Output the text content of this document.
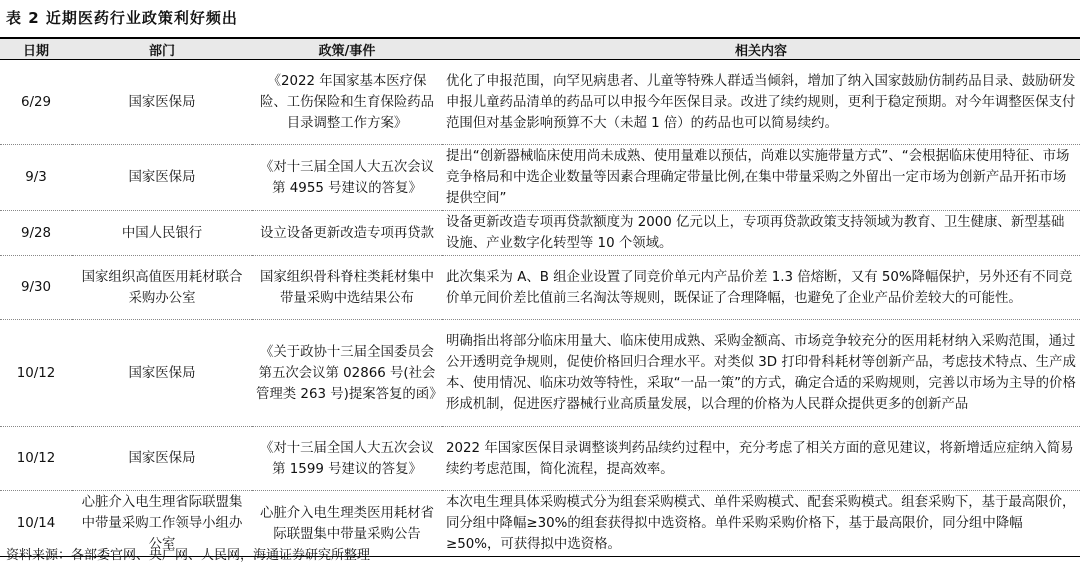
表 2 近期医药行业政策利好频出
日期	部门	政策/事件	相关内容
6/29	国家医保局	《2022 年国家基本医疗保险、工伤保险和生育保险药品目录调整工作方案》	优化了申报范围，向罕见病患者、儿童等特殊人群适当倾斜，增加了纳入国家鼓励仿制药品目录、鼓励研发申报儿童药品清单的药品可以申报今年医保目录。改进了续约规则，更利于稳定预期。对今年调整医保支付范围但对基金影响预算不大（未超 1 倍）的药品也可以简易续约。
9/3	国家医保局	《对十三届全国人大五次会议第 4955 号建议的答复》	提出“创新器械临床使用尚未成熟、使用量难以预估，尚难以实施带量方式”、“会根据临床使用特征、市场竞争格局和中选企业数量等因素合理确定带量比例,在集中带量采购之外留出一定市场为创新产品开拓市场提供空间”
9/28	中国人民银行	设立设备更新改造专项再贷款	设备更新改造专项再贷款额度为 2000 亿元以上，专项再贷款政策支持领域为教育、卫生健康、新型基础设施、产业数字化转型等 10 个领域。
9/30	国家组织高值医用耗材联合采购办公室	国家组织骨科脊柱类耗材集中带量采购中选结果公布	此次集采为 A、B 组企业设置了同竞价单元内产品价差 1.3 倍熔断，又有 50%降幅保护，另外还有不同竞价单元间价差比值前三名淘汰等规则，既保证了合理降幅，也避免了企业产品价差较大的可能性。
10/12	国家医保局	《关于政协十三届全国委员会第五次会议第 02866 号(社会管理类 263 号)提案答复的函》	明确指出将部分临床用量大、临床使用成熟、采购金额高、市场竞争较充分的医用耗材纳入采购范围，通过公开透明竞争规则，促使价格回归合理水平。对类似 3D 打印骨科耗材等创新产品，考虑技术特点、生产成本、使用情况、临床功效等特性，采取“一品一策”的方式，确定合适的采购规则，完善以市场为主导的价格形成机制，促进医疗器械行业高质量发展，以合理的价格为人民群众提供更多的创新产品
10/12	国家医保局	《对十三届全国人大五次会议第 1599 号建议的答复》	2022 年国家医保目录调整谈判药品续约过程中，充分考虑了相关方面的意见建议，将新增适应症纳入简易续约考虑范围，简化流程，提高效率。
10/14	心脏介入电生理省际联盟集中带量采购工作领导小组办公室	心脏介入电生理类医用耗材省际联盟集中带量采购公告	本次电生理具体采购模式分为组套采购模式、单件采购模式、配套采购模式。组套采购下，基于最高限价，同分组中降幅≥30%的组套获得拟中选资格。单件采购采购价格下，基于最高限价，同分组中降幅≥50%，可获得拟中选资格。
资料来源：各部委官网、央广网、人民网，海通证券研究所整理
